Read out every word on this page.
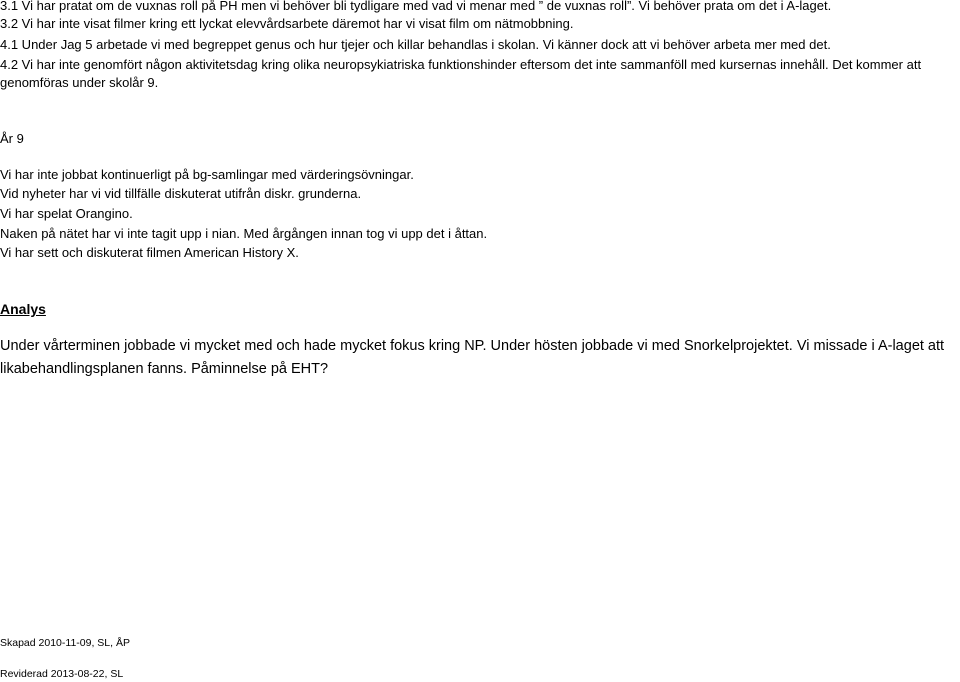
3.1 Vi har pratat om de vuxnas roll på PH men vi behöver bli tydligare med vad vi menar med ” de vuxnas roll”. Vi behöver prata om det i A-laget.
3.2 Vi har inte visat filmer kring ett lyckat elevvårdsarbete däremot har vi visat film om nätmobbning.
4.1 Under Jag 5 arbetade vi med begreppet genus och hur tjejer och killar behandlas i skolan. Vi känner dock att vi behöver arbeta mer med det.
4.2 Vi har inte genomfört någon aktivitetsdag kring olika neuropsykiatriska funktionshinder eftersom det inte sammanföll med kursernas innehåll. Det kommer att genomföras under skolår 9.
År 9
Vi har inte jobbat kontinuerligt på bg-samlingar med värderingsövningar.
Vid nyheter har vi vid tillfälle diskuterat utifrån diskr. grunderna.
Vi har spelat Orangino.
Naken på nätet har vi inte tagit upp i nian. Med årgången innan tog vi upp det i åttan.
Vi har sett och diskuterat filmen American History X.
Analys
Under vårterminen jobbade vi mycket med och hade mycket fokus kring NP. Under hösten jobbade vi med Snorkelprojektet. Vi missade i A-laget att likabehandlingsplanen fanns. Påminnelse på EHT?
Skapad 2010-11-09, SL, ÅP
Reviderad 2013-08-22, SL
